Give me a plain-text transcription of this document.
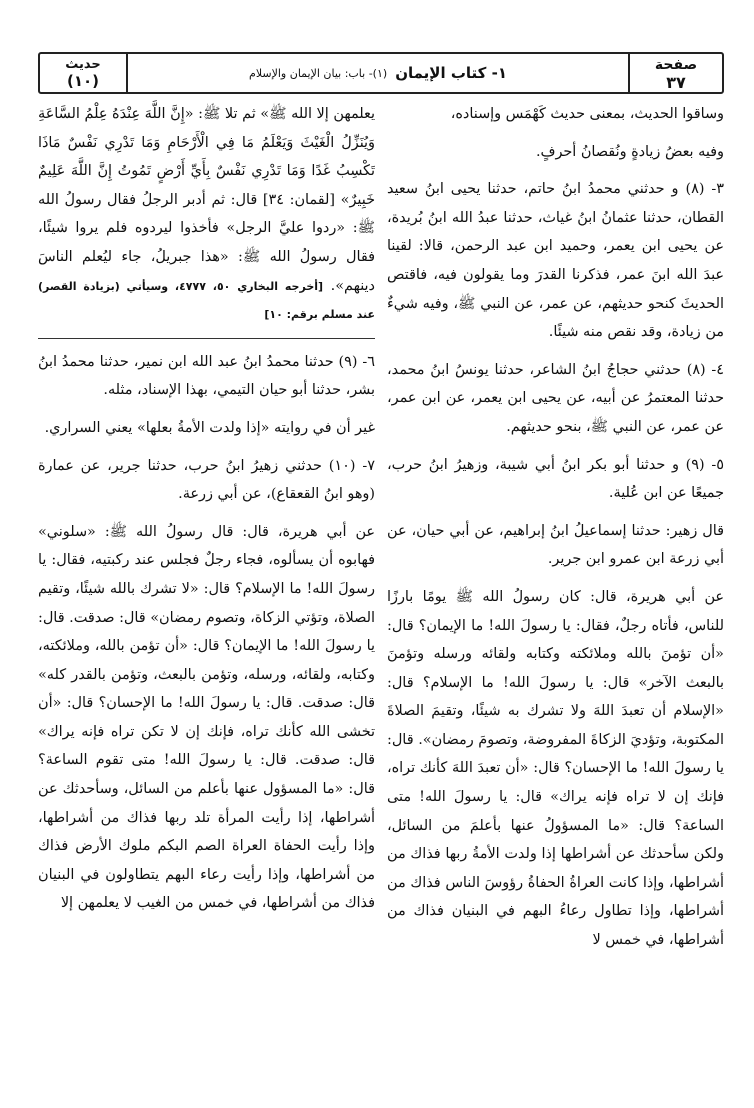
حديث
(١٠)	١- كتاب الإيمان
(١)- باب: بيان الإيمان والإسلام	صفحة
٣٧

وساقوا الحديث، بمعنى حديث كَهْمَس وإسناده،

وفيه بعضُ زيادةٍ ونُقصانُ أحرفٍ.

٣- (٨) و حدثني محمدُ ابنُ حاتم، حدثنا يحيى ابنُ سعيد القطان، حدثنا عثمانُ ابنُ غياث، حدثنا عبدُ الله ابنُ بُريدة، عن يحيى ابن يعمر، وحميد ابن عبد الرحمن، قالا: لقينا عبدَ الله ابنَ عمر، فذكرنا القدرَ وما يقولون فيه، فاقتص الحديثَ كنحو حديثهم، عن عمر، عن النبي ﷺ، وفيه شيءٌ من زيادة، وقد نقص منه شيئًا.

٤- (٨) حدثني حجاجُ ابنُ الشاعر، حدثنا يونسُ ابنُ محمد، حدثنا المعتمرُ عن أبيه، عن يحيى ابن يعمر، عن ابن عمر، عن عمر، عن النبي ﷺ، بنحو حديثهم.

٥- (٩) و حدثنا أبو بكر ابنُ أبي شيبة، وزهيرُ ابنُ حرب، جميعًا عن ابن عُلية.

قال زهير: حدثنا إسماعيلُ ابنُ إبراهيم، عن أبي حيان، عن أبي زرعة ابن عمرو ابن جرير.

عن أبي هريرة، قال: كان رسولُ الله ﷺ يومًا بارزًا للناس، فأتاه رجلٌ، فقال: يا رسولَ الله! ما الإيمان؟ قال: «أن تؤمنَ بالله وملائكته وكتابه ولقائه ورسله وتؤمنَ بالبعث الآخر» قال: يا رسولَ الله! ما الإسلام؟ قال: «الإسلام أن تعبدَ اللهَ ولا تشرك به شيئًا، وتقيمَ الصلاةَ المكتوبة، وتؤديَ الزكاةَ المفروضة، وتصومَ رمضان». قال: يا رسولَ الله! ما الإحسان؟ قال: «أن تعبدَ اللهَ كأنك تراه، فإنك إن لا تراه فإنه يراك» قال: يا رسولَ الله! متى الساعة؟ قال: «ما المسؤولُ عنها بأعلمَ من السائل، ولكن سأحدثك عن أشراطها إذا ولدت الأمةُ ربها فذاك من أشراطها، وإذا كانت العراةُ الحفاةُ رؤوسَ الناس فذاك من أشراطها، وإذا تطاول رعاءُ البهم في البنيان فذاك من أشراطها، في خمس لا

يعلمهن إلا الله ﷺ» ثم تلا ﷺ: «إِنَّ اللَّهَ عِنْدَهُ عِلْمُ السَّاعَةِ وَيُنَزِّلُ الْغَيْثَ وَيَعْلَمُ مَا فِي الْأَرْحَامِ وَمَا تَدْرِي نَفْسٌ مَاذَا تَكْسِبُ غَدًا وَمَا تَدْرِي نَفْسٌ بِأَيِّ أَرْضٍ تَمُوتُ إِنَّ اللَّهَ عَلِيمٌ خَبِيرٌ» [لقمان: ٣٤] قال: ثم أدبر الرجلُ فقال رسولُ الله ﷺ: «ردوا عليَّ الرجل» فأخذوا ليردوه فلم يروا شيئًا، فقال رسولُ الله ﷺ: «هذا جبريلُ، جاء ليُعلم الناسَ دينهم». [أخرجه البخاري ٥٠، ٤٧٧٧، وسيأتي (بزيادة القصر) عند مسلم برقم: ١٠]

٦- (٩) حدثنا محمدُ ابنُ عبد الله ابن نمير، حدثنا محمدُ ابنُ بشر، حدثنا أبو حيان التيمي، بهذا الإسناد، مثله.

غير أن في روايته «إذا ولدت الأمةُ بعلها» يعني السراري.

٧- (١٠) حدثني زهيرُ ابنُ حرب، حدثنا جرير، عن عمارة (وهو ابنُ القعقاع)، عن أبي زرعة.

عن أبي هريرة، قال: قال رسولُ الله ﷺ: «سلوني» فهابوه أن يسألوه، فجاء رجلٌ فجلس عند ركبتيه، فقال: يا رسولَ الله! ما الإسلام؟ قال: «لا تشرك بالله شيئًا، وتقيم الصلاة، وتؤتي الزكاة، وتصوم رمضان» قال: صدقت. قال: يا رسولَ الله! ما الإيمان؟ قال: «أن تؤمن بالله، وملائكته، وكتابه، ولقائه، ورسله، وتؤمن بالبعث، وتؤمن بالقدر كله» قال: صدقت. قال: يا رسولَ الله! ما الإحسان؟ قال: «أن تخشى الله كأنك تراه، فإنك إن لا تكن تراه فإنه يراك» قال: صدقت. قال: يا رسولَ الله! متى تقوم الساعة؟ قال: «ما المسؤول عنها بأعلم من السائل، وسأحدثك عن أشراطها، إذا رأيت المرأة تلد ربها فذاك من أشراطها، وإذا رأيت الحفاة العراة الصم البكم ملوك الأرض فذاك من أشراطها، وإذا رأيت رعاء البهم يتطاولون في البنيان فذاك من أشراطها، في خمس من الغيب لا يعلمهن إلا
